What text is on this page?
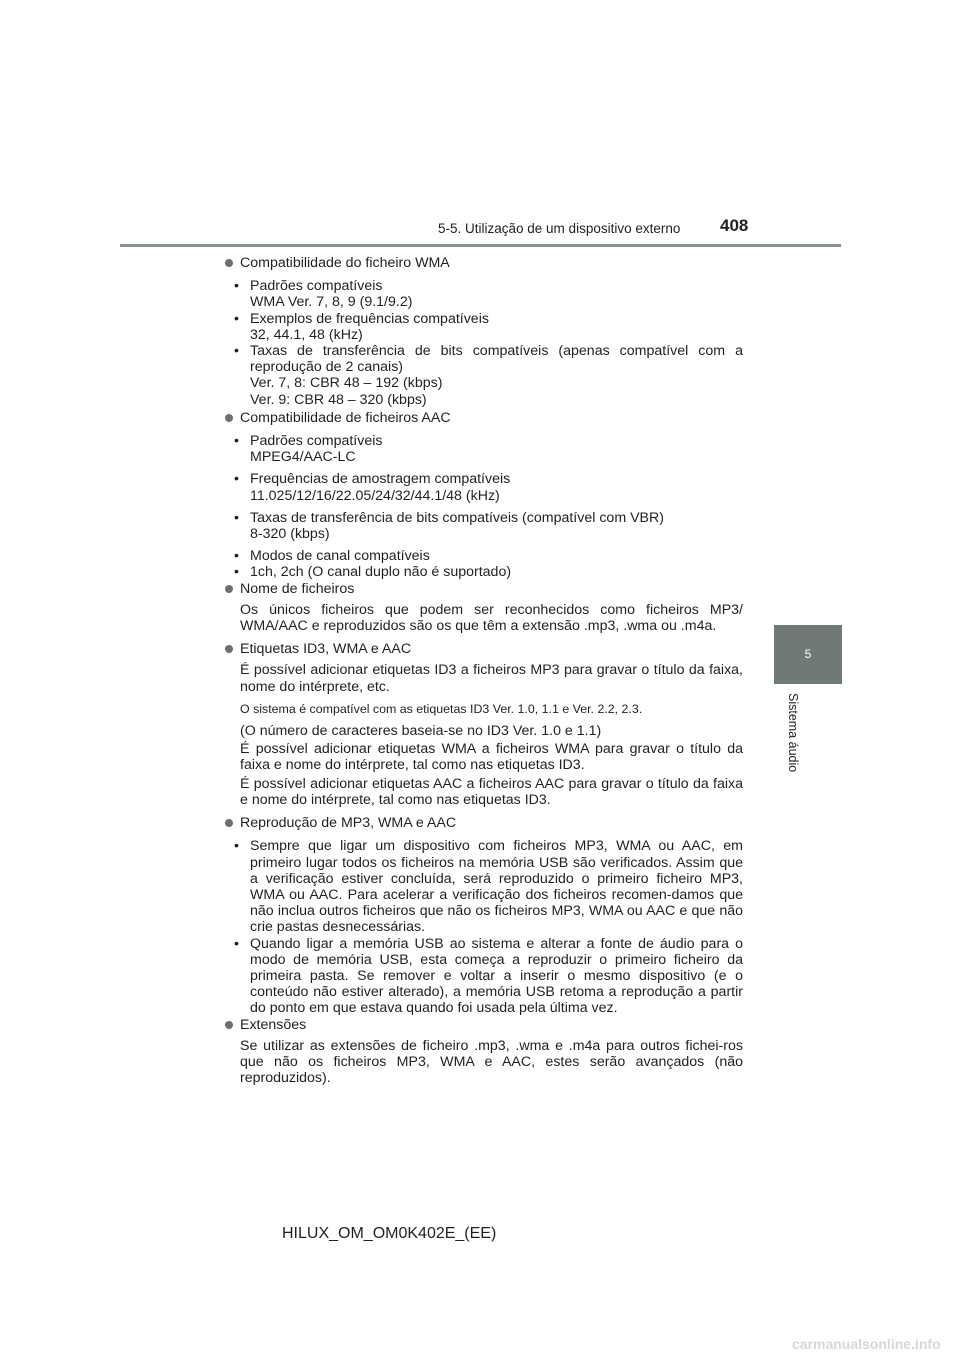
5-5. Utilização de um dispositivo externo 408
5
Sistema áudio
Compatibilidade do ficheiro WMA
• Padrões compatíveis
WMA Ver. 7, 8, 9 (9.1/9.2)
• Exemplos de frequências compatíveis
32, 44.1, 48 (kHz)
• Taxas de transferência de bits compatíveis (apenas compatível com a reprodução de 2 canais)
Ver. 7, 8: CBR 48 – 192 (kbps)
Ver. 9: CBR 48 – 320 (kbps)
Compatibilidade de ficheiros AAC
• Padrões compatíveis
MPEG4/AAC-LC
• Frequências de amostragem compatíveis
11.025/12/16/22.05/24/32/44.1/48 (kHz)
• Taxas de transferência de bits compatíveis (compatível com VBR)
8-320 (kbps)
• Modos de canal compatíveis
• 1ch, 2ch (O canal duplo não é suportado)
Nome de ficheiros
Os únicos ficheiros que podem ser reconhecidos como ficheiros MP3/ WMA/AAC e reproduzidos são os que têm a extensão .mp3, .wma ou .m4a.
Etiquetas ID3, WMA e AAC
É possível adicionar etiquetas ID3 a ficheiros MP3 para gravar o título da faixa, nome do intérprete, etc.
O sistema é compatível com as etiquetas ID3 Ver. 1.0, 1.1 e Ver. 2.2, 2.3.
(O número de caracteres baseia-se no ID3 Ver. 1.0 e 1.1)
É possível adicionar etiquetas WMA a ficheiros WMA para gravar o título da faixa e nome do intérprete, tal como nas etiquetas ID3.
É possível adicionar etiquetas AAC a ficheiros AAC para gravar o título da faixa e nome do intérprete, tal como nas etiquetas ID3.
Reprodução de MP3, WMA e AAC
• Sempre que ligar um dispositivo com ficheiros MP3, WMA ou AAC, em primeiro lugar todos os ficheiros na memória USB são verificados. Assim que a verificação estiver concluída, será reproduzido o primeiro ficheiro MP3, WMA ou AAC. Para acelerar a verificação dos ficheiros recomen-damos que não inclua outros ficheiros que não os ficheiros MP3, WMA ou AAC e que não crie pastas desnecessárias.
• Quando ligar a memória USB ao sistema e alterar a fonte de áudio para o modo de memória USB, esta começa a reproduzir o primeiro ficheiro da primeira pasta. Se remover e voltar a inserir o mesmo dispositivo (e o conteúdo não estiver alterado), a memória USB retoma a reprodução a partir do ponto em que estava quando foi usada pela última vez.
Extensões
Se utilizar as extensões de ficheiro .mp3, .wma e .m4a para outros fichei-ros que não os ficheiros MP3, WMA e AAC, estes serão avançados (não reproduzidos).
HILUX_OM_OM0K402E_(EE)
carmanualsonline.info
